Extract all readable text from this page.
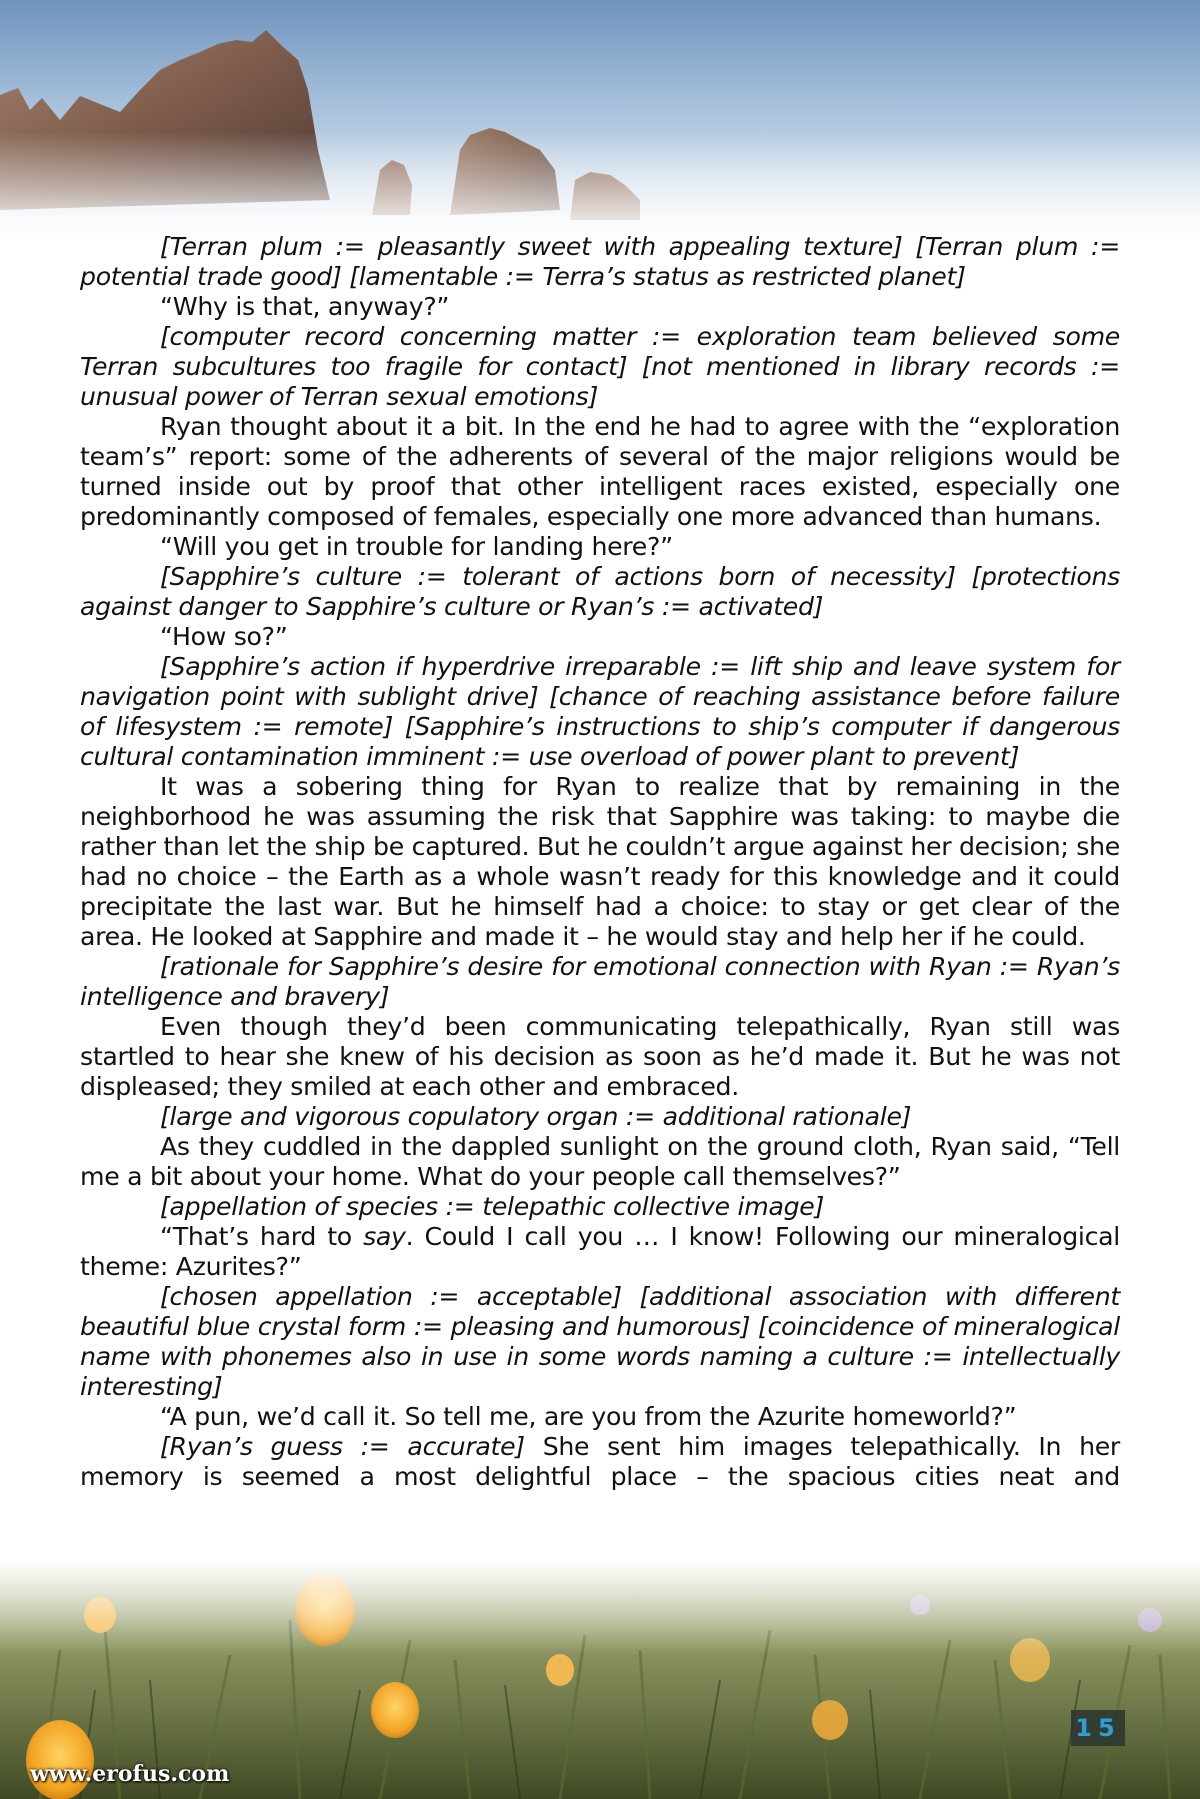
[Terran plum := pleasantly sweet with appealing texture] [Terran plum := potential trade good] [lamentable := Terra’s status as restricted planet]

“Why is that, anyway?”

[computer record concerning matter := exploration team believed some Terran subcultures too fragile for contact] [not mentioned in library records := unusual power of Terran sexual emotions]

Ryan thought about it a bit. In the end he had to agree with the “exploration team’s” report: some of the adherents of several of the major religions would be turned inside out by proof that other intelligent races existed, especially one predominantly composed of females, especially one more advanced than humans.

“Will you get in trouble for landing here?”

[Sapphire’s culture := tolerant of actions born of necessity] [protections against danger to Sapphire’s culture or Ryan’s := activated]

“How so?”

[Sapphire’s action if hyperdrive irreparable := lift ship and leave system for navigation point with sublight drive] [chance of reaching assistance before failure of lifesystem := remote] [Sapphire’s instructions to ship’s computer if dangerous cultural contamination imminent := use overload of power plant to prevent]

It was a sobering thing for Ryan to realize that by remaining in the neighborhood he was assuming the risk that Sapphire was taking: to maybe die rather than let the ship be captured. But he couldn’t argue against her decision; she had no choice – the Earth as a whole wasn’t ready for this knowledge and it could precipitate the last war. But he himself had a choice: to stay or get clear of the area. He looked at Sapphire and made it – he would stay and help her if he could.

[rationale for Sapphire’s desire for emotional connection with Ryan := Ryan’s intelligence and bravery]

Even though they’d been communicating telepathically, Ryan still was startled to hear she knew of his decision as soon as he’d made it. But he was not displeased; they smiled at each other and embraced.

[large and vigorous copulatory organ := additional rationale]

As they cuddled in the dappled sunlight on the ground cloth, Ryan said, “Tell me a bit about your home. What do your people call themselves?”

[appellation of species := telepathic collective image]

“That’s hard to say. Could I call you … I know! Following our mineralogical theme: Azurites?”

[chosen appellation := acceptable] [additional association with different beautiful blue crystal form := pleasing and humorous] [coincidence of mineralogical name with phonemes also in use in some words naming a culture := intellectually interesting]

“A pun, we’d call it. So tell me, are you from the Azurite homeworld?”

[Ryan’s guess := accurate] She sent him images telepathically. In her memory is seemed a most delightful place – the spacious cities neat and

15
www.erofus.com
